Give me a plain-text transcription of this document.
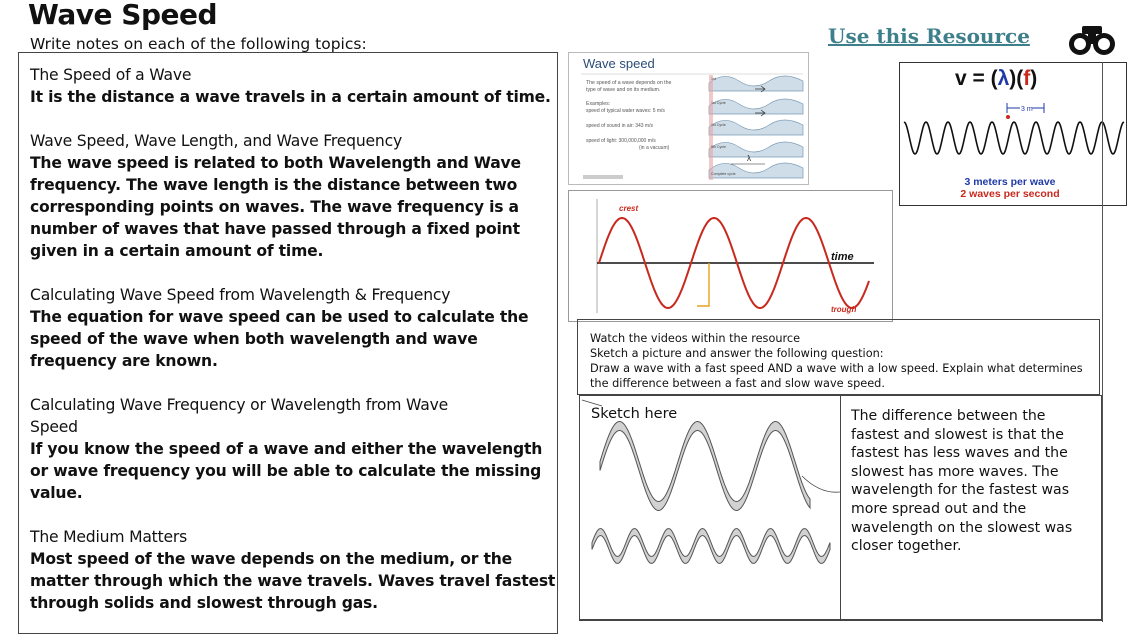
Wave Speed
Write notes on each of the following topics:	Use this Resource
The Speed of a Wave
It is the distance a wave travels in a certain amount of time.
Wave Speed, Wave Length, and Wave Frequency
The wave speed is related to both Wavelength and Wave
frequency. The wave length is the distance between two
corresponding points on waves. The wave frequency is a
number of waves that have passed through a fixed point
given in a certain amount of time.
Calculating Wave Speed from Wavelength & Frequency
The equation for wave speed can be used to calculate the
speed of the wave when both wavelength and wave
frequency are known.
Calculating Wave Frequency or Wavelength from Wave
Speed
If you know the speed of a wave and either the wavelength
or wave frequency you will be able to calculate the missing
value.
The Medium Matters
Most speed of the wave depends on the medium, or the
matter through which the wave travels. Waves travel fastest
through solids and slowest through gas.
Wave speed
The speed of a wave depends on the
type of wave and on its medium.
Examples:
speed of typical water waves: 5 m/s
speed of sound in air: 343 m/s
speed of light: 300,000,000 m/s
(in a vacuum)
1st
1st Cycle
1st Cycle
5th Cycle
Complete cycle
λ
v = (λ)(f)
3 m
3 meters per wave
2 waves per second
crest
trough
time
Watch the videos within the resource
Sketch a picture and answer the following question:
Draw a wave with a fast speed AND a wave with a low speed. Explain what determines
the difference between a fast and slow wave speed.
Sketch here	The difference between the
fastest and slowest is that the
fastest has less waves and the
slowest has more waves. The
wavelength for the fastest was
more spread out and the
wavelength on the slowest was
closer together.
